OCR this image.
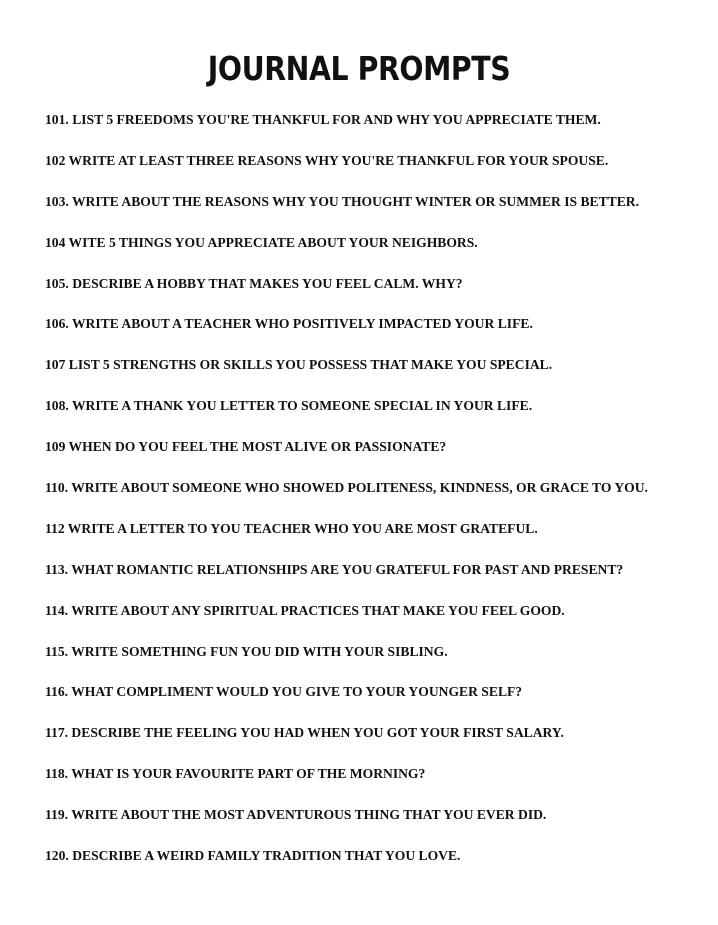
JOURNAL PROMPTS
101. LIST 5 FREEDOMS YOU'RE THANKFUL FOR AND WHY YOU APPRECIATE THEM.
102 WRITE AT LEAST THREE REASONS WHY YOU'RE THANKFUL FOR YOUR SPOUSE.
103. WRITE ABOUT THE REASONS WHY YOU THOUGHT WINTER OR SUMMER IS BETTER.
104 WITE 5 THINGS YOU APPRECIATE ABOUT YOUR NEIGHBORS.
105. DESCRIBE A HOBBY THAT MAKES YOU FEEL CALM. WHY?
106. WRITE ABOUT A TEACHER WHO POSITIVELY IMPACTED YOUR LIFE.
107 LIST 5 STRENGTHS OR SKILLS YOU POSSESS THAT MAKE YOU SPECIAL.
108. WRITE A THANK YOU LETTER TO SOMEONE SPECIAL IN YOUR LIFE.
109 WHEN DO YOU FEEL THE MOST ALIVE OR PASSIONATE?
110. WRITE ABOUT SOMEONE WHO SHOWED POLITENESS, KINDNESS, OR GRACE TO YOU.
112 WRITE A LETTER TO YOU TEACHER WHO YOU ARE MOST GRATEFUL.
113. WHAT ROMANTIC RELATIONSHIPS ARE YOU GRATEFUL FOR PAST AND PRESENT?
114. WRITE ABOUT ANY SPIRITUAL PRACTICES THAT MAKE YOU FEEL GOOD.
115. WRITE SOMETHING FUN YOU DID WITH YOUR SIBLING.
116. WHAT COMPLIMENT WOULD YOU GIVE TO YOUR YOUNGER SELF?
117. DESCRIBE THE FEELING YOU HAD WHEN YOU GOT YOUR FIRST SALARY.
118. WHAT IS YOUR FAVOURITE PART OF THE MORNING?
119. WRITE ABOUT THE MOST ADVENTUROUS THING THAT YOU EVER DID.
120. DESCRIBE A WEIRD FAMILY TRADITION THAT YOU LOVE.
